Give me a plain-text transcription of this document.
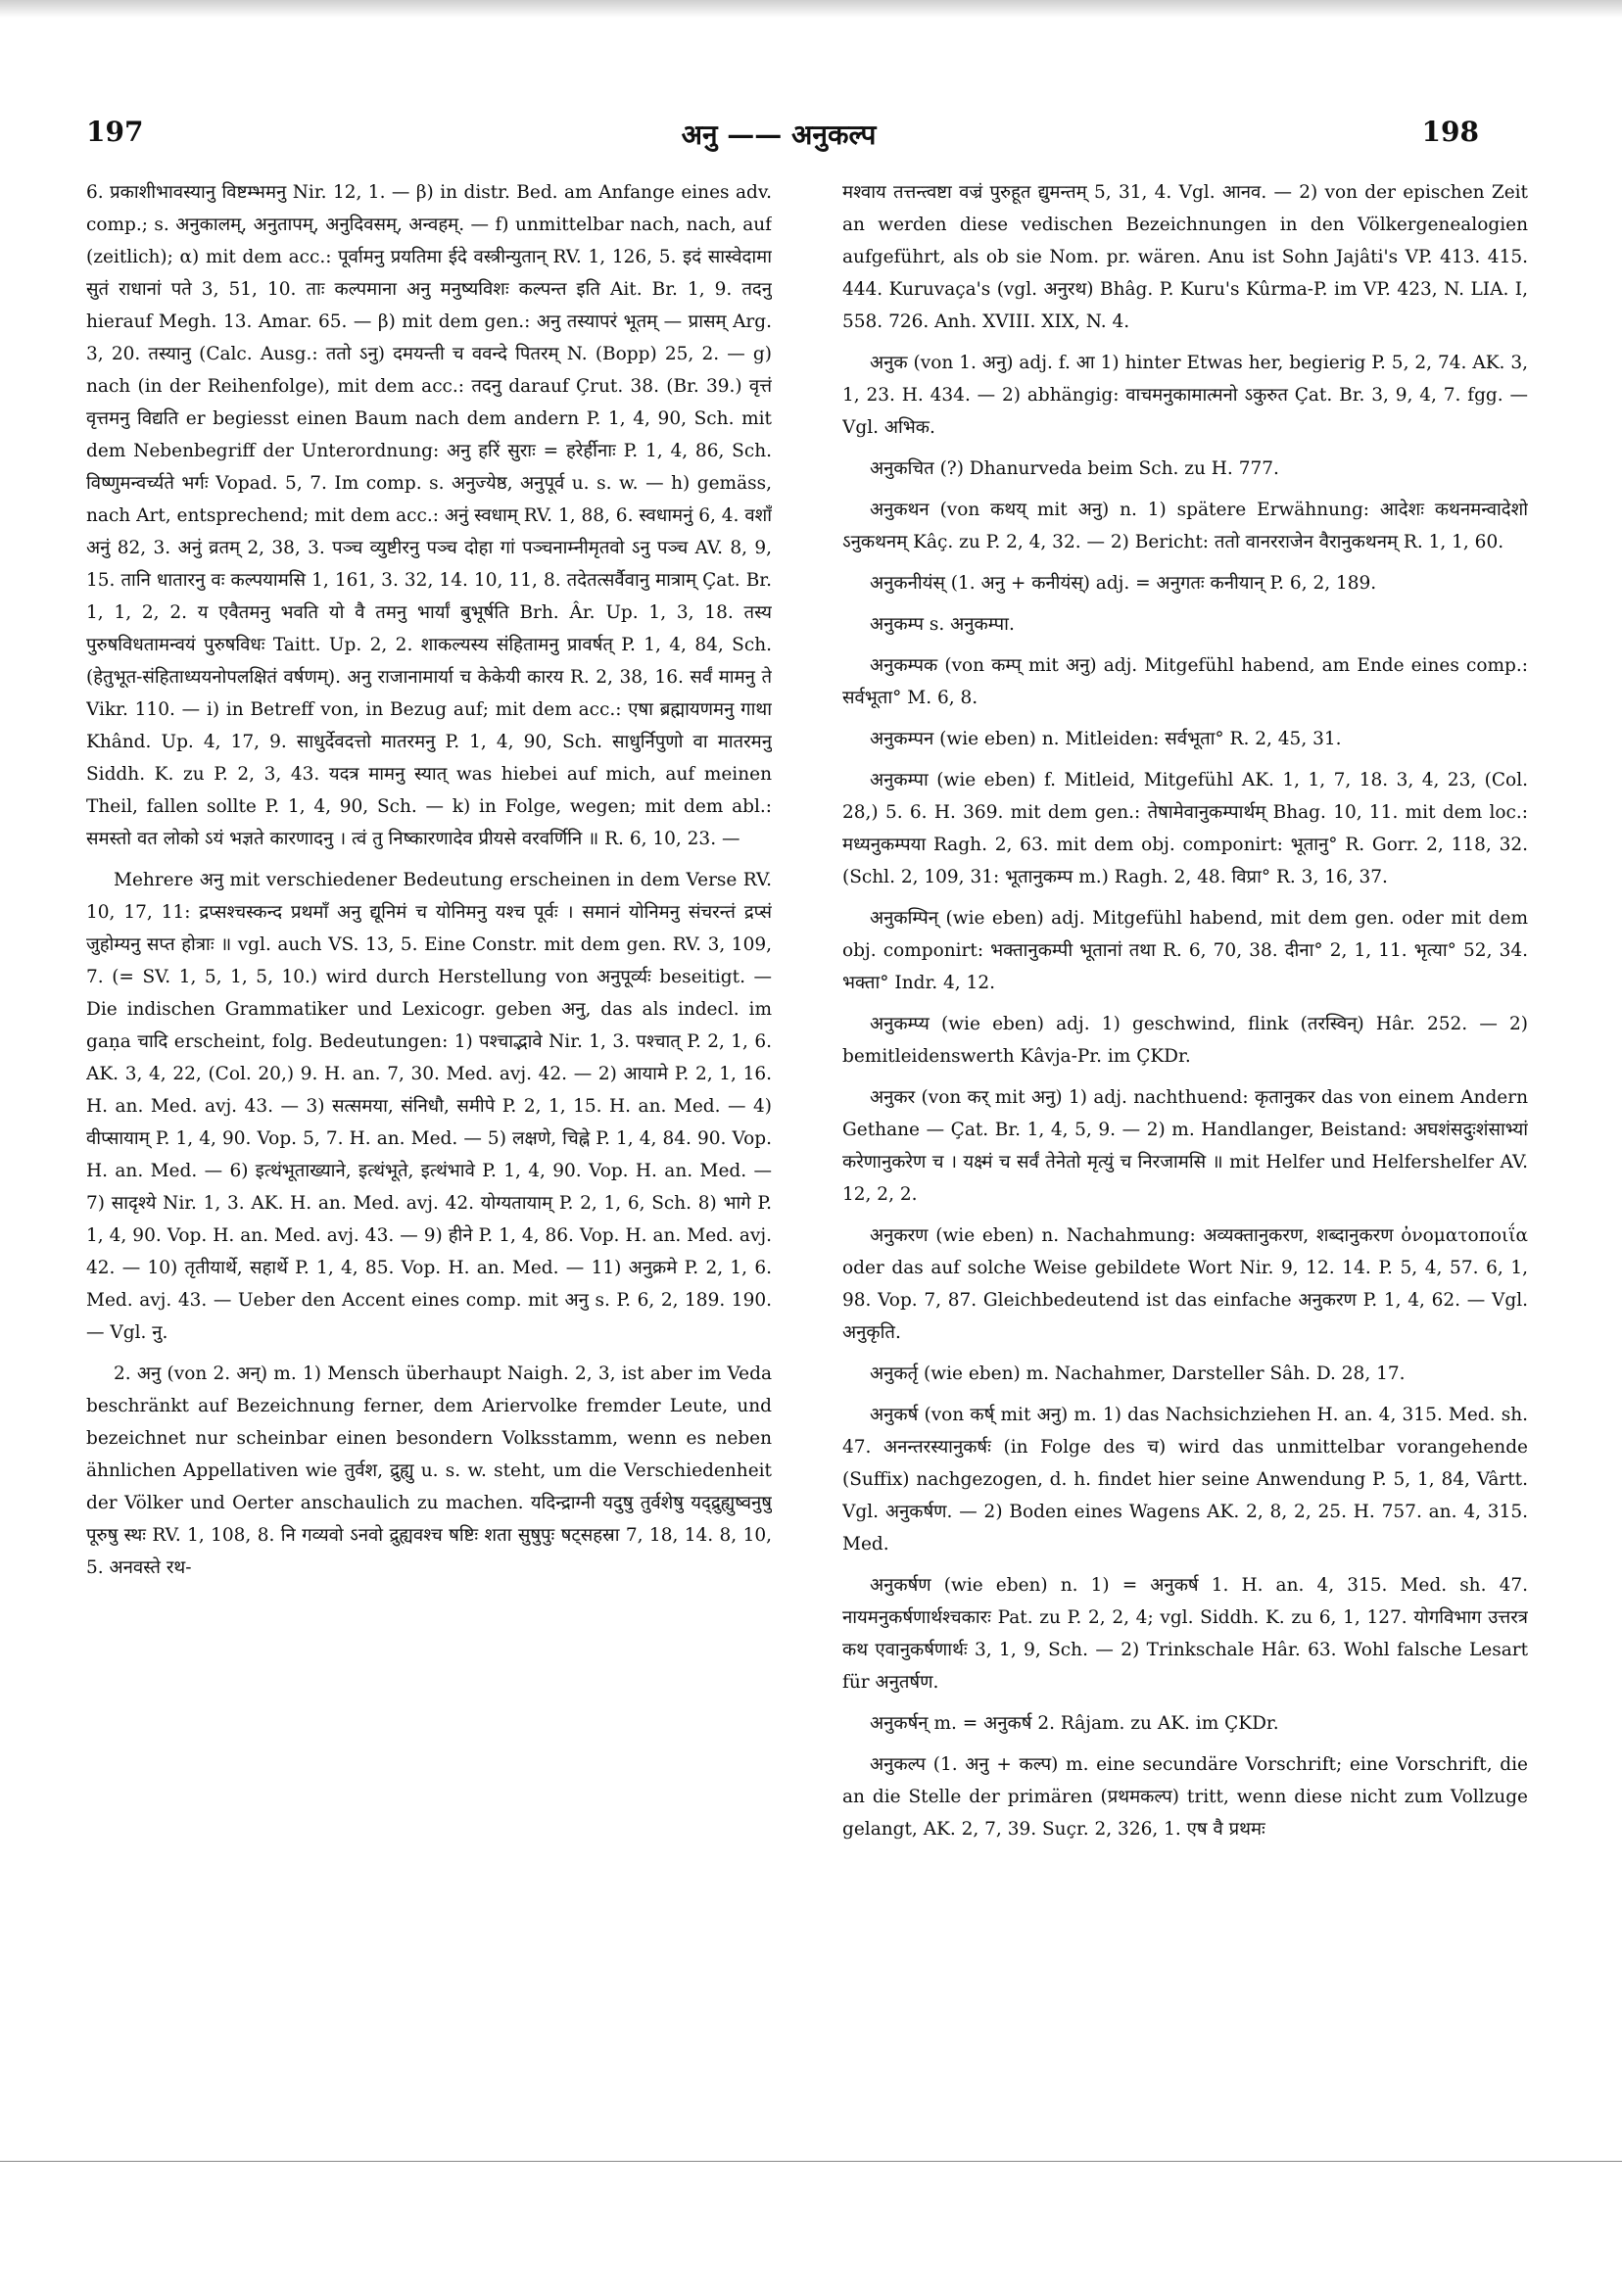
197	अनु —— अनुकल्प	198

6. प्रकाशीभावस्यानु विष्टम्भमनु Nir. 12, 1. — β) in distr. Bed. am Anfange eines adv. comp.; s. अनुकालम्, अनुतापम्, अनुदिवसम्, अन्वहम्. — f) unmittelbar nach, nach, auf (zeitlich); α) mit dem acc.: पूर्वामनु प्रयतिमा ईदे वस्त्रीन्युतान् RV. 1, 126, 5. इदं सास्वेदामा सुतं राधानां पते 3, 51, 10. ताः कल्पमाना अनु मनुष्यविशः कल्पन्त इति Ait. Br. 1, 9. तदनु hierauf Megh. 13. Amar. 65. — β) mit dem gen.: अनु तस्यापरं भूतम् — प्रासम् Arg. 3, 20. तस्यानु (Calc. Ausg.: ततो ऽनु) दमयन्ती च ववन्दे पितरम् N. (Bopp) 25, 2. — g) nach (in der Reihenfolge), mit dem acc.: तदनु darauf Çrut. 38. (Br. 39.) वृत्तं वृत्तमनु विद्यति er begiesst einen Baum nach dem andern P. 1, 4, 90, Sch. mit dem Nebenbegriff der Unterordnung: अनु हरिं सुराः = हरेर्हीनाः P. 1, 4, 86, Sch. विष्णुमन्वर्च्यते भर्गः Vopad. 5, 7. Im comp. s. अनुज्येष्ठ, अनुपूर्व u. s. w. — h) gemäss, nach Art, entsprechend; mit dem acc.: अनुं स्वधाम् RV. 1, 88, 6. स्वधामनुं 6, 4. वशाँ अनुं 82, 3. अनुं व्रतम् 2, 38, 3. पञ्च व्युष्टीरनु पञ्च दोहा गां पञ्चनाम्नीमृतवो ऽनु पञ्च AV. 8, 9, 15. तानि धातारनु वः कल्पयामसि 1, 161, 3. 32, 14. 10, 11, 8. तदेतत्सर्वैवानु मात्राम् Çat. Br. 1, 1, 2, 2. य एवैतमनु भवति यो वै तमनु भार्यां बुभूर्षति Brh. Âr. Up. 1, 3, 18. तस्य पुरुषविधतामन्वयं पुरुषविधः Taitt. Up. 2, 2. शाकल्यस्य संहितामनु प्रावर्षत् P. 1, 4, 84, Sch. (हेतुभूत-संहिताध्ययनोपलक्षितं वर्षणम्). अनु राजानामार्या च केकेयी कारय R. 2, 38, 16. सर्वं मामनु ते Vikr. 110. — i) in Betreff von, in Bezug auf; mit dem acc.: एषा ब्रह्मायणमनु गाथा Khând. Up. 4, 17, 9. साधुर्देवदत्तो मातरमनु P. 1, 4, 90, Sch. साधुर्निपुणो वा मातरमनु Siddh. K. zu P. 2, 3, 43. यदत्र मामनु स्यात् was hiebei auf mich, auf meinen Theil, fallen sollte P. 1, 4, 90, Sch. — k) in Folge, wegen; mit dem abl.: समस्तो वत लोको ऽयं भज्ञते कारणादनु । त्वं तु निष्कारणादेव प्रीयसे वरवर्णिनि ॥ R. 6, 10, 23. —

Mehrere अनु mit verschiedener Bedeutung erscheinen in dem Verse RV. 10, 17, 11: द्रप्सश्चस्कन्द प्रथमाँ अनु द्यूनिमं च योनिमनु यश्च पूर्वः । समानं योनिमनु संचरन्तं द्रप्सं जुहोम्यनु सप्त होत्राः ॥ vgl. auch VS. 13, 5. Eine Constr. mit dem gen. RV. 3, 109, 7. (= SV. 1, 5, 1, 5, 10.) wird durch Herstellung von अनुपूर्व्यः beseitigt. — Die indischen Grammatiker und Lexicogr. geben अनु, das als indecl. im gaṇa चादि erscheint, folg. Bedeutungen: 1) पश्चाद्भावे Nir. 1, 3. पश्चात् P. 2, 1, 6. AK. 3, 4, 22, (Col. 20,) 9. H. an. 7, 30. Med. avj. 42. — 2) आयामे P. 2, 1, 16. H. an. Med. avj. 43. — 3) सत्समया, संनिधौ, समीपे P. 2, 1, 15. H. an. Med. — 4) वीप्सायाम् P. 1, 4, 90. Vop. 5, 7. H. an. Med. — 5) लक्षणे, चिह्ने P. 1, 4, 84. 90. Vop. H. an. Med. — 6) इत्थंभूताख्याने, इत्थंभूते, इत्थंभावे P. 1, 4, 90. Vop. H. an. Med. — 7) सादृश्ये Nir. 1, 3. AK. H. an. Med. avj. 42. योग्यतायाम् P. 2, 1, 6, Sch. 8) भागे P. 1, 4, 90. Vop. H. an. Med. avj. 43. — 9) हीने P. 1, 4, 86. Vop. H. an. Med. avj. 42. — 10) तृतीयार्थे, सहार्थे P. 1, 4, 85. Vop. H. an. Med. — 11) अनुक्रमे P. 2, 1, 6. Med. avj. 43. — Ueber den Accent eines comp. mit अनु s. P. 6, 2, 189. 190. — Vgl. नु.

2. अनु (von 2. अन्) m. 1) Mensch überhaupt Naigh. 2, 3, ist aber im Veda beschränkt auf Bezeichnung ferner, dem Ariervolke fremder Leute, und bezeichnet nur scheinbar einen besondern Volksstamm, wenn es neben ähnlichen Appellativen wie तुर्वश, द्रुह्यु u. s. w. steht, um die Verschiedenheit der Völker und Oerter anschaulich zu machen. यदिन्द्राग्नी यदुषु तुर्वशेषु यद्द्रुह्युष्वनुषु पूरुषु स्थः RV. 1, 108, 8. नि गव्यवो ऽनवो द्रुह्यवश्च षष्टिः शता सुषुपुः षट्सहस्रा 7, 18, 14. 8, 10, 5. अनवस्ते रथ-

मश्वाय तत्तन्त्वष्टा वज्रं पुरुहूत द्युमन्तम् 5, 31, 4. Vgl. आनव. — 2) von der epischen Zeit an werden diese vedischen Bezeichnungen in den Völkergenealogien aufgeführt, als ob sie Nom. pr. wären. Anu ist Sohn Jajâti's VP. 413. 415. 444. Kuruvaça's (vgl. अनुरथ) Bhâg. P. Kuru's Kûrma-P. im VP. 423, N. LIA. I, 558. 726. Anh. XVIII. XIX, N. 4.

अनुक (von 1. अनु) adj. f. आ 1) hinter Etwas her, begierig P. 5, 2, 74. AK. 3, 1, 23. H. 434. — 2) abhängig: वाचमनुकामात्मनो ऽकुरुत Çat. Br. 3, 9, 4, 7. fgg. — Vgl. अभिक.

अनुकचित (?) Dhanurveda beim Sch. zu H. 777.

अनुकथन (von कथय् mit अनु) n. 1) spätere Erwähnung: आदेशः कथनमन्वादेशो ऽनुकथनम् Kâç. zu P. 2, 4, 32. — 2) Bericht: ततो वानरराजेन वैरानुकथनम् R. 1, 1, 60.

अनुकनीयंस् (1. अनु + कनीयंस्) adj. = अनुगतः कनीयान् P. 6, 2, 189.

अनुकम्प s. अनुकम्पा.

अनुकम्पक (von कम्प् mit अनु) adj. Mitgefühl habend, am Ende eines comp.: सर्वभूता° M. 6, 8.

अनुकम्पन (wie eben) n. Mitleiden: सर्वभूता° R. 2, 45, 31.

अनुकम्पा (wie eben) f. Mitleid, Mitgefühl AK. 1, 1, 7, 18. 3, 4, 23, (Col. 28,) 5. 6. H. 369. mit dem gen.: तेषामेवानुकम्पार्थम् Bhag. 10, 11. mit dem loc.: मध्यनुकम्पया Ragh. 2, 63. mit dem obj. componirt: भूतानु° R. Gorr. 2, 118, 32. (Schl. 2, 109, 31: भूतानुकम्प m.) Ragh. 2, 48. विप्रा° R. 3, 16, 37.

अनुकम्पिन् (wie eben) adj. Mitgefühl habend, mit dem gen. oder mit dem obj. componirt: भक्तानुकम्पी भूतानां तथा R. 6, 70, 38. दीना° 2, 1, 11. भृत्या° 52, 34. भक्ता° Indr. 4, 12.

अनुकम्प्य (wie eben) adj. 1) geschwind, flink (तरस्विन्) Hâr. 252. — 2) bemitleidenswerth Kâvja-Pr. im ÇKDr.

अनुकर (von कर् mit अनु) 1) adj. nachthuend: कृतानुकर das von einem Andern Gethane — Çat. Br. 1, 4, 5, 9. — 2) m. Handlanger, Beistand: अघशंसदुःशंसाभ्यां करेणानुकरेण च । यक्ष्मं च सर्वं तेनेतो मृत्युं च निरजामसि ॥ mit Helfer und Helfershelfer AV. 12, 2, 2.

अनुकरण (wie eben) n. Nachahmung: अव्यक्तानुकरण, शब्दानुकरण ὀνοματοποιΐα oder das auf solche Weise gebildete Wort Nir. 9, 12. 14. P. 5, 4, 57. 6, 1, 98. Vop. 7, 87. Gleichbedeutend ist das einfache अनुकरण P. 1, 4, 62. — Vgl. अनुकृति.

अनुकर्तृ (wie eben) m. Nachahmer, Darsteller Sâh. D. 28, 17.

अनुकर्ष (von कर्ष् mit अनु) m. 1) das Nachsichziehen H. an. 4, 315. Med. sh. 47. अनन्तरस्यानुकर्षः (in Folge des च) wird das unmittelbar vorangehende (Suffix) nachgezogen, d. h. findet hier seine Anwendung P. 5, 1, 84, Vârtt. Vgl. अनुकर्षण. — 2) Boden eines Wagens AK. 2, 8, 2, 25. H. 757. an. 4, 315. Med.

अनुकर्षण (wie eben) n. 1) = अनुकर्ष 1. H. an. 4, 315. Med. sh. 47. नायमनुकर्षणार्थश्चकारः Pat. zu P. 2, 2, 4; vgl. Siddh. K. zu 6, 1, 127. योगविभाग उत्तरत्र कथ एवानुकर्षणार्थः 3, 1, 9, Sch. — 2) Trinkschale Hâr. 63. Wohl falsche Lesart für अनुतर्षण.

अनुकर्षन् m. = अनुकर्ष 2. Râjam. zu AK. im ÇKDr.

अनुकल्प (1. अनु + कल्प) m. eine secundäre Vorschrift; eine Vorschrift, die an die Stelle der primären (प्रथमकल्प) tritt, wenn diese nicht zum Vollzuge gelangt, AK. 2, 7, 39. Suçr. 2, 326, 1. एष वै प्रथमः
